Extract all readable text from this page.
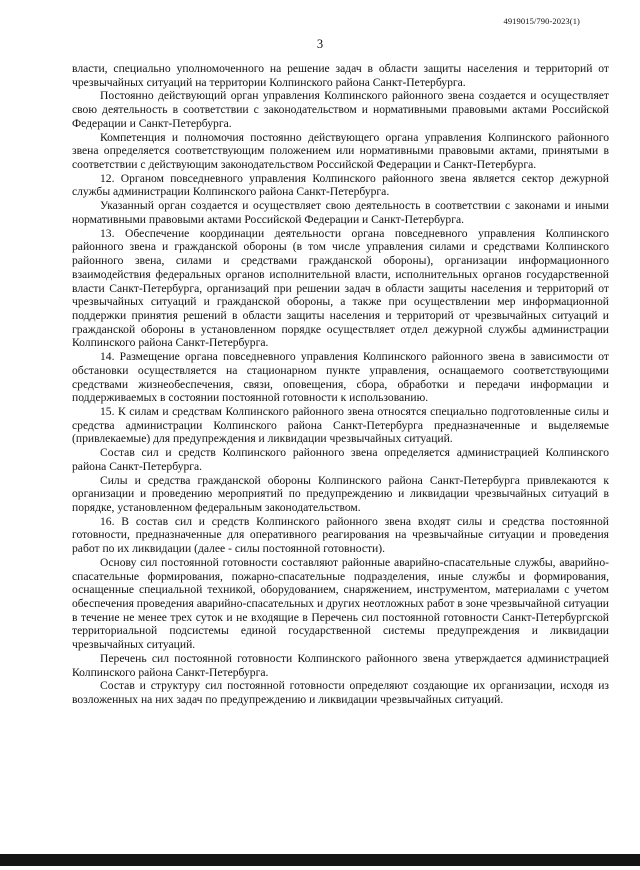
4919015/790-2023(1)
3

власти, специально уполномоченного на решение задач в области защиты населения и территорий от чрезвычайных ситуаций на территории Колпинского района Санкт-Петербурга.

Постоянно действующий орган управления Колпинского районного звена создается и осуществляет свою деятельность в соответствии с законодательством и нормативными правовыми актами Российской Федерации и Санкт-Петербурга.

Компетенция и полномочия постоянно действующего органа управления Колпинского районного звена определяется соответствующим положением или нормативными правовыми актами, принятыми в соответствии с действующим законодательством Российской Федерации и Санкт-Петербурга.

12. Органом повседневного управления Колпинского районного звена является сектор дежурной службы администрации Колпинского района Санкт-Петербурга.

Указанный орган создается и осуществляет свою деятельность в соответствии с законами и иными нормативными правовыми актами Российской Федерации и Санкт-Петербурга.

13. Обеспечение координации деятельности органа повседневного управления Колпинского районного звена и гражданской обороны (в том числе управления силами и средствами Колпинского районного звена, силами и средствами гражданской обороны), организации информационного взаимодействия федеральных органов исполнительной власти, исполнительных органов государственной власти Санкт-Петербурга, организаций при решении задач в области защиты населения и территорий от чрезвычайных ситуаций и гражданской обороны, а также при осуществлении мер информационной поддержки принятия решений в области защиты населения и территорий от чрезвычайных ситуаций и гражданской обороны в установленном порядке осуществляет отдел дежурной службы администрации Колпинского района Санкт-Петербурга.

14. Размещение органа повседневного управления Колпинского районного звена в зависимости от обстановки осуществляется на стационарном пункте управления, оснащаемого соответствующими средствами жизнеобеспечения, связи, оповещения, сбора, обработки и передачи информации и поддерживаемых в состоянии постоянной готовности к использованию.

15. К силам и средствам Колпинского районного звена относятся специально подготовленные силы и средства администрации Колпинского района Санкт-Петербурга предназначенные и выделяемые (привлекаемые) для предупреждения и ликвидации чрезвычайных ситуаций.

Состав сил и средств Колпинского районного звена определяется администрацией Колпинского района Санкт-Петербурга.

Силы и средства гражданской обороны Колпинского района Санкт-Петербурга привлекаются к организации и проведению мероприятий по предупреждению и ликвидации чрезвычайных ситуаций в порядке, установленном федеральным законодательством.

16. В состав сил и средств Колпинского районного звена входят силы и средства постоянной готовности, предназначенные для оперативного реагирования на чрезвычайные ситуации и проведения работ по их ликвидации (далее - силы постоянной готовности).

Основу сил постоянной готовности составляют районные аварийно-спасательные службы, аварийно-спасательные формирования, пожарно-спасательные подразделения, иные службы и формирования, оснащенные специальной техникой, оборудованием, снаряжением, инструментом, материалами с учетом обеспечения проведения аварийно-спасательных и других неотложных работ в зоне чрезвычайной ситуации в течение не менее трех суток и не входящие в Перечень сил постоянной готовности Санкт-Петербургской территориальной подсистемы единой государственной системы предупреждения и ликвидации чрезвычайных ситуаций.

Перечень сил постоянной готовности Колпинского районного звена утверждается администрацией Колпинского района Санкт-Петербурга.

Состав и структуру сил постоянной готовности определяют создающие их организации, исходя из возложенных на них задач по предупреждению и ликвидации чрезвычайных ситуаций.
